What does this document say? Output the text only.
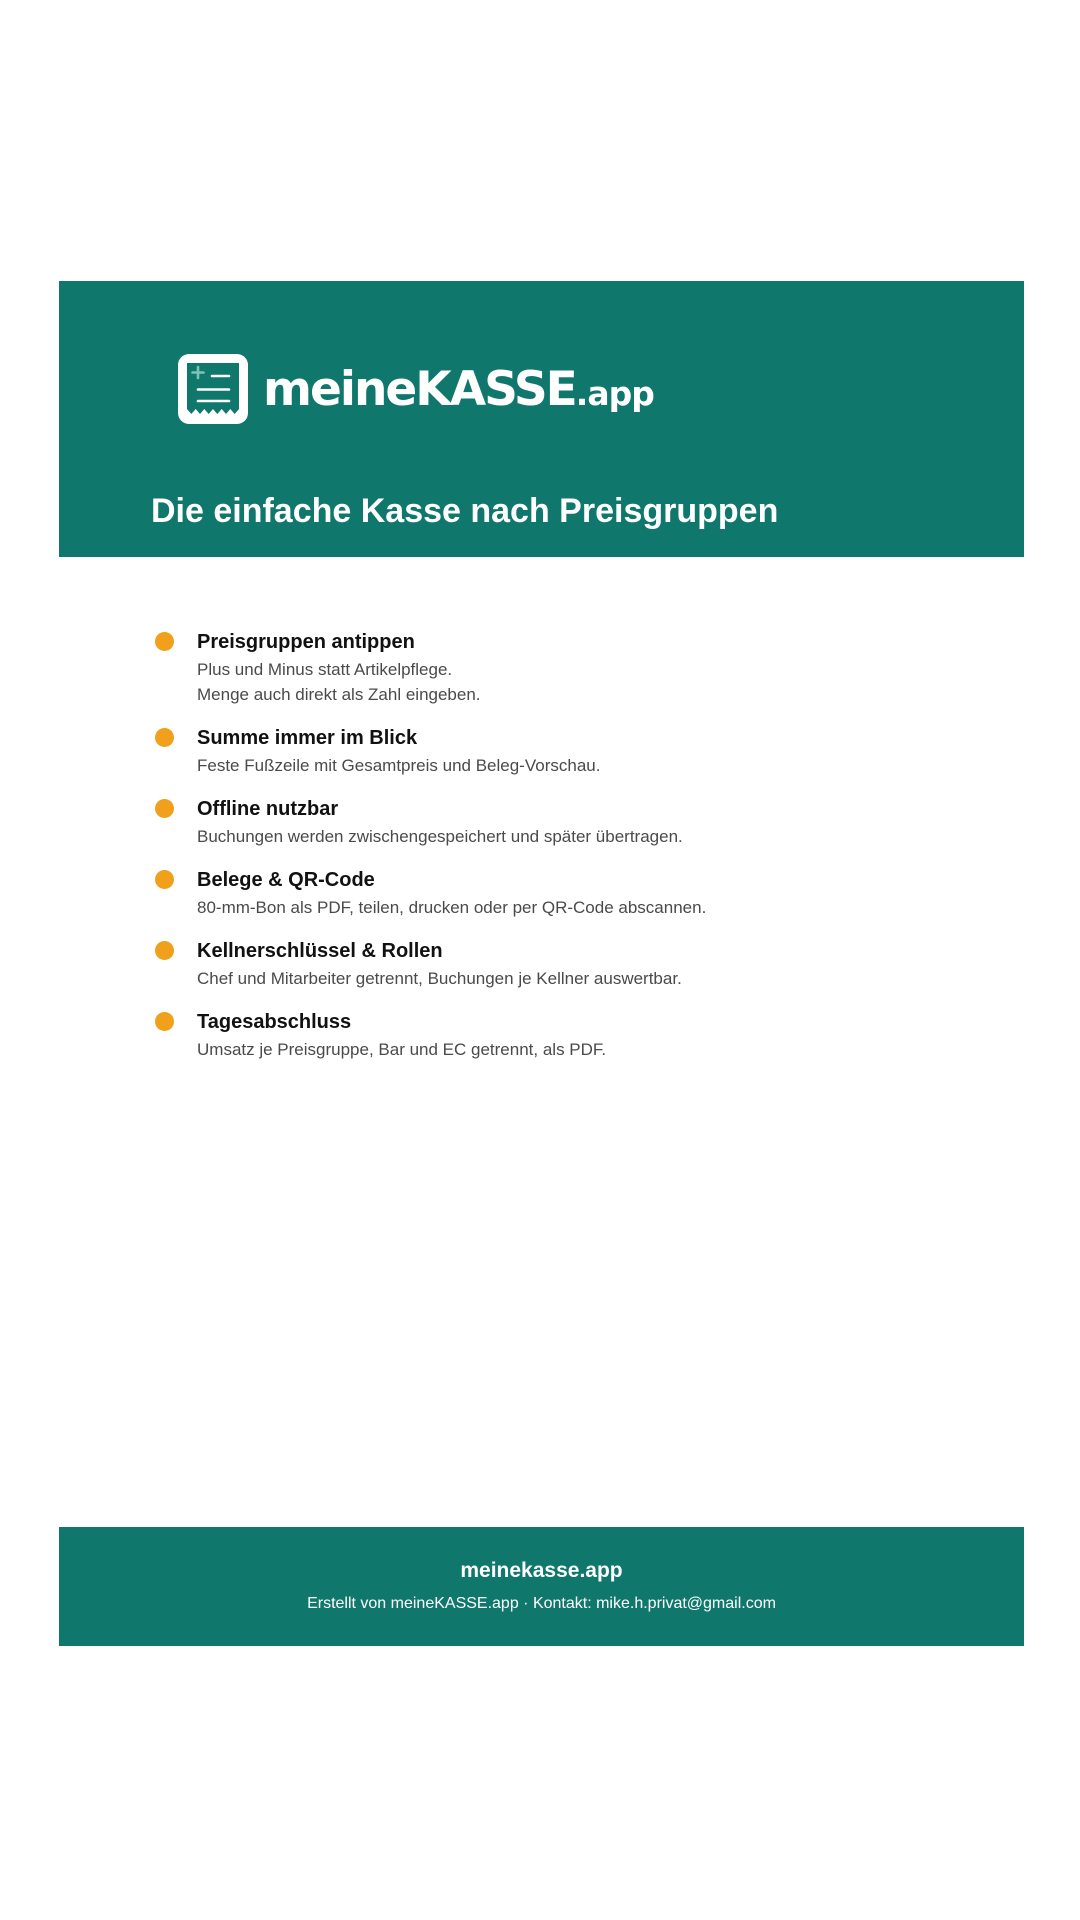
meineKASSE.app
Die einfache Kasse nach Preisgruppen
Preisgruppen antippen
Plus und Minus statt Artikelpflege.
Menge auch direkt als Zahl eingeben.
Summe immer im Blick
Feste Fußzeile mit Gesamtpreis und Beleg-Vorschau.
Offline nutzbar
Buchungen werden zwischengespeichert und später übertragen.
Belege & QR-Code
80-mm-Bon als PDF, teilen, drucken oder per QR-Code abscannen.
Kellnerschlüssel & Rollen
Chef und Mitarbeiter getrennt, Buchungen je Kellner auswertbar.
Tagesabschluss
Umsatz je Preisgruppe, Bar und EC getrennt, als PDF.
meinekasse.app
Erstellt von meineKASSE.app · Kontakt: mike.h.privat@gmail.com
